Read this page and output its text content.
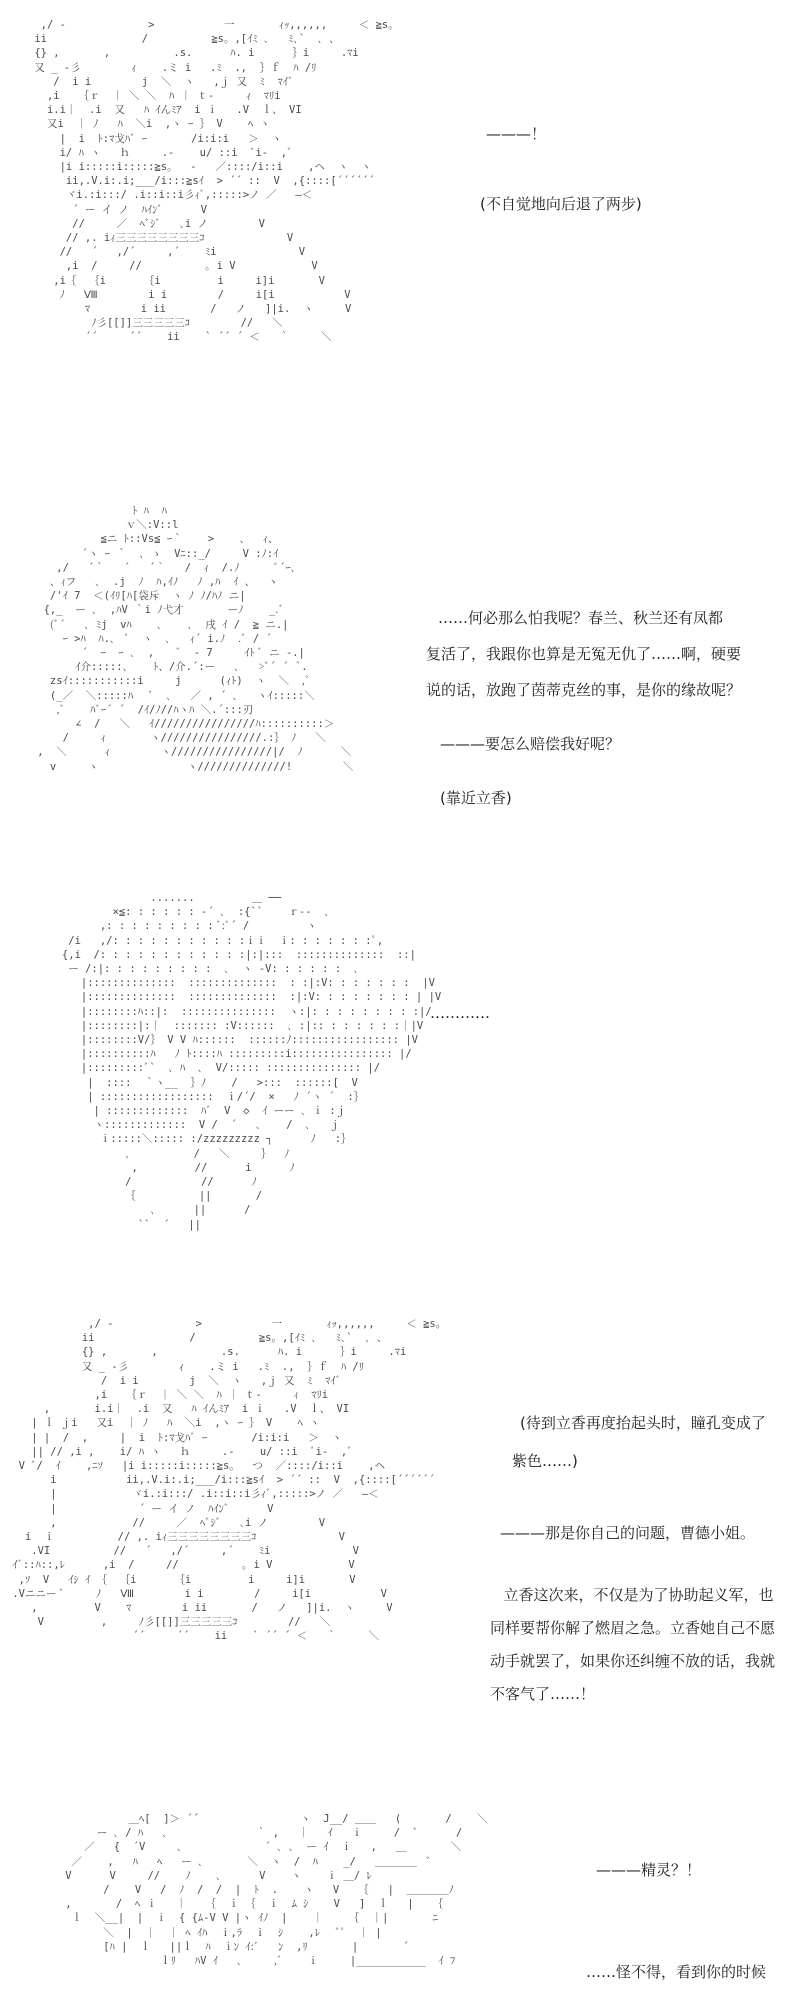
,/ -             >           一       ｨｯ,,,,,,     ＜ ≧s。
ii               /          ≧s。,[ｲﾐ ､   ﾐ､`  ､ 、
{} ,       ,          .s.      ﾊ. i      ｝i     .ﾏi
又 _ -彡        ｨ    .ミ i   .ﾐ  .,  ｝ｆ  ﾊ /ﾘ
/  i i        j  ＼  ヽ   ,ｊ 又  ﾐ  ﾏｲﾞ
,i   ｛ｒ  ｜ ＼ ＼  ﾊ ｜ ｔ-     ｨ  ﾏﾘi
i.i｜  .i  又   ﾊ ｲんﾐｱ  i ｉ   .V  ｌ、 VI
又i  ｜ ﾉ   ﾊ  ＼i  ,ヽ ｰ ｝ V    ﾍ ヽ
|  i  ﾄ:ﾏ戈ﾊﾞ ｰ       /i:i:i   ＞  ヽ
i/ ﾊ ヽ   ｈ     .-    u/ ::i  ﾞi-  ,ﾞ
|i i:::::i:::::≧s。  -   ／::::/i::i    ,ヘ  ヽ  ヽ
ii,.V.i:.i;___/i:::≧sｲ  > ´´ ::  V  ,{::::[´´´´´´
ヾi.:i:::/ .i::i::i彡ｨﾞ,:::::>ノ ／   ―＜
´ ー イ ノ  ﾊｲﾝﾞ      V
//     ／  ﾍﾞｼﾞ   ､i ノ        V
// ,. iｨ三三三三三三三三ｺ             V
//   ´   ,/´     ,´    ﾐi             V
,i  /     //          ｡ i V            V
,i｛  ｛i      ｛i         i     i]i       V
ﾉ   Ⅷ        i i        /     i[i           V
ﾏ        i ii       /   ノ   ]|i.  ヽ     V
ﾉ彡[[]]三三三三三ｺ        //   ＼
´´     ´´    ii    ` ´´ ´ ＜   ｀     ＼
———！
(不自觉地向后退了两步)
ﾄ ﾊ  ﾊ
ｖ＼:V::l
≦ニ ﾄ::Vs≦ ｰ｀    >    、  ｨ、
´ヽ ｰ ｀  ､ ゝ  Vﾆ::_/     V :ﾉ:ｲ
,/   ´｀   ´   ´｀   /  ｨ  /.ﾉ      ﾟ´ｰ､
、ｨフ   ､  .j  ﾉ  ﾊ,ｲﾉ   ﾉ ,ﾊ  ｲ 、  ヽ
/'ｲ 7  ＜(ｲﾘ[ﾊ[袋斥  ヽ ﾉ ﾉ/ﾊﾉ ニ|
{,_  ー ､  ,ﾊV ｀i ﾉ弋才       ーﾉ    _.ﾞ
(ﾞ´   ､ ﾐj  vﾊ    ､    ､  戌 ｲ /  ≧ ニ.|
ｰ >ﾊ  ﾊ.､  ﾞ  ヽ  ､   ｨ´ i.ﾉ  .ﾞ / ´
´  ｰ  ｰ ､  ,    ﾞ  - 7     ｲﾄ ﾞ ニ -.|
ｲ介:::::､    ﾄ、/介.´:ー   ､   >ﾞ´ ´ `.
zsｲ:::::::::::i     j      (ｨﾄ)  ヽ  ＼  ,ﾞ
(_／  ＼:::::ﾊ   ﾞ  ､   ／ , ´ ､   ヽｲ:::::＼
,ﾞ    ﾊﾞｰ´ ´  /ｲ/ﾉ//ﾊヽﾊ ＼.´:::刃
∠  /   ＼   ｲ////////////////ﾊ::::::::::＞
/     ｨ       ヽ////////////////.:｝ ﾉ   ＼
,  ＼      ｨ        ヽ////////////////|/  ﾉ      ＼
v     ヽ              ヽ//////////////!        ＼
……何必那么怕我呢？春兰、秋兰还有凤都
复活了，我跟你也算是无冤无仇了……啊，硬要
说的话，放跑了茵蒂克丝的事，是你的缘故呢？
———要怎么赔偿我好呢？
(靠近立香)
.......         ＿ ──
×≦: : : : : : -´ ､  :{``    ｒ--  ､
,: : : : : : : : : ﾞ:ﾞ´ /         ヽ
/i   ,/: : : : : : : : : : :ｉｉ  ｉ: : : : : : :ﾟ,
{,i  /: : : : : : : : : : : :|:|:::  ::::::::::::::  ::|
ー /:|: : : : : : : : :  ､  ヽ -V: : : : : :  ､
|::::::::::::::  ::::::::::::::  : :|:V: : : : : : :  |V
|::::::::::::::  ::::::::::::::  :|:V: : : : : : : : | |V
|::::::::ﾊ::|:  :::::::::::::::  ヽ:|: : : : : : : : :|/
|::::::::|:｜  ::::::: :V::::::  ､ :|:: : : : : : :｜|V
|::::::::V/｝ V V ﾊ::::::  ::::::ﾉ::::::::::::::::: |V
|::::::::::ﾊ   ﾉ ﾄ::::ﾊ :::::::::i:::::::::::::::: |/
|:::::::::ﾞ`  ､ ﾊ  ､  V/::::: ::::::::::::::: |/
|  ::::  ｀ヽ__  ｝ﾉ    /   >:::  ::::::[  V
| ::::::::::::::::::  ｉ/´/  ×   ﾉ ´ヽ ´  :｝
| :::::::::::::  ﾊﾞ  V  ◇  ｲ ーー ､ ｉ :ｊ
ヽ:::::::::::::  V /  ´   ､    /  ､   ｊ
ｉ:::::＼::::: :/zzzzzzzzz ┐      ﾉ   :｝
､          /   ＼     ｝  ﾉ
,         //      i      ﾉ
/           //      ﾉ
｛          ||       /
､      ||      /
``  ´   ||
…………
,/ -             >           一       ｨｯ,,,,,,     ＜ ≧s。
ii               /          ≧s。,[ｲﾐ ､   ﾐ､`  ､ 、
{} ,       ,          .s.      ﾊ. i      ｝i     .ﾏi
又 _ -彡        ｨ    .ミ i   .ﾐ  .,  ｝ｆ  ﾊ /ﾘ
/  i i        j  ＼  ヽ   ,ｊ 又  ﾐ  ﾏｲﾞ
,i   ｛ｒ  ｜ ＼ ＼  ﾊ ｜ ｔ-     ｨ  ﾏﾘi
,       i.i｜  .i  又   ﾊ ｲんﾐｱ  i ｉ   .V  ｌ、 VI
| ｌ ｊi   又i  ｜ ﾉ   ﾊ  ＼i  ,ヽ ｰ ｝ V    ﾍ ヽ
| |  /  ,     |  i  ﾄ:ﾏ戈ﾊﾞ ｰ       /i:i:i   ＞  ヽ
|| // ,i ,    i/ ﾊ ヽ   ｈ     .-    u/ ::i  ﾞi-  ,ﾞ
V ﾞ/  ｲ    ,ﾆｿ   |i i:::::i:::::≧s。  つ  ／::::/i::i    ,ヘ
i           ii,.V.i:.i;___/i:::≧sｲ  > ´´ ::  V  ,{::::[´´´´´´
|            ヾi.:i:::/ .i::i::i彡ｨﾞ,:::::>ノ ／   ―＜
|             ´ ー イ ノ  ﾊｲﾝﾞ      V
,            //     ／  ﾍﾞｼﾞ   ､i ノ        V
i  ｉ          // ,. iｨ三三三三三三三三ｺ             V
.VI          //   ´   ,/´     ,´    ﾐi             V
ｲﾞ::ﾊ::,ﾚ      ,i  /     //          ｡ i V            V
,ｿ  V   ｲｼ ｲ ｛  ｛i      ｛i         i     i]i       V
.Vニニー ﾞ     ﾉ   Ⅷ        i i        /     i[i           V
,         V    ﾏ        i ii       /   ノ   ]|i.  ヽ     V
V         ,     ﾉ彡[[]]三三三三三ｺ        //   ＼
´´     ´´    ii    ` ´´ ´ ＜   ｀     ＼
(待到立香再度抬起头时，瞳孔变成了
紫色……)
———那是你自己的问题，曹德小姐。
立香这次来，不仅是为了协助起义军，也同样要帮你解了燃眉之急。立香她自己不愿动手就罢了，如果你还纠缠不放的话，我就不客气了……！
＿ﾍ[  ]＞ ´´                ヽ  J__/ ＿＿   (       /    ＼
ー ､ / ﾊ   ､              ｀ ,   ｜   ｲ   ｉ     /  ﾞ      /
／   {  ´V     ､             ´ ､ ､  ー ｲ  ｉ   ,   ＿       ＼
／    ,   ﾊ   ﾍ   ー ､       ＼  ヽ  /  ﾊ    _/   ＿＿＿＿  ﾞ
V      V     //    ﾉ    ､      V    ヽ    ｉ ＿/ ﾚ
/    V   /  ﾉ  /  /  |  ﾄ  .    ヽ   V   ｛   |  ＿＿＿＿ﾉ
,       /  ﾍ ｉ   ｜   ｛  ｉ ｛  ｉ  ﾑ ｼ    V   ]  ｌ   |   ｛
ｌ  ＼__|  |  ｉ  { {ﾑ-V V |ヽ ｲﾉ  |    ｜    ｛  ｜|       ﾆ
＼  |  ｜  ｜ ﾍ ｲﾊ  ｉ,ﾗ  ｉ  ｼ    ,ﾚ   ﾞﾟ  ｜ |
[ﾊ |  ｌ   ||ｌ  ﾊ  ｉﾝ ｲ:ﾞ   ﾝ  ,ﾘ       |       ´
ｌﾘ   ﾊV ｲ   ､     ,ﾞ    ｉ     |___________  ｲ ﾌ
———精灵？！
……怪不得，看到你的时候
